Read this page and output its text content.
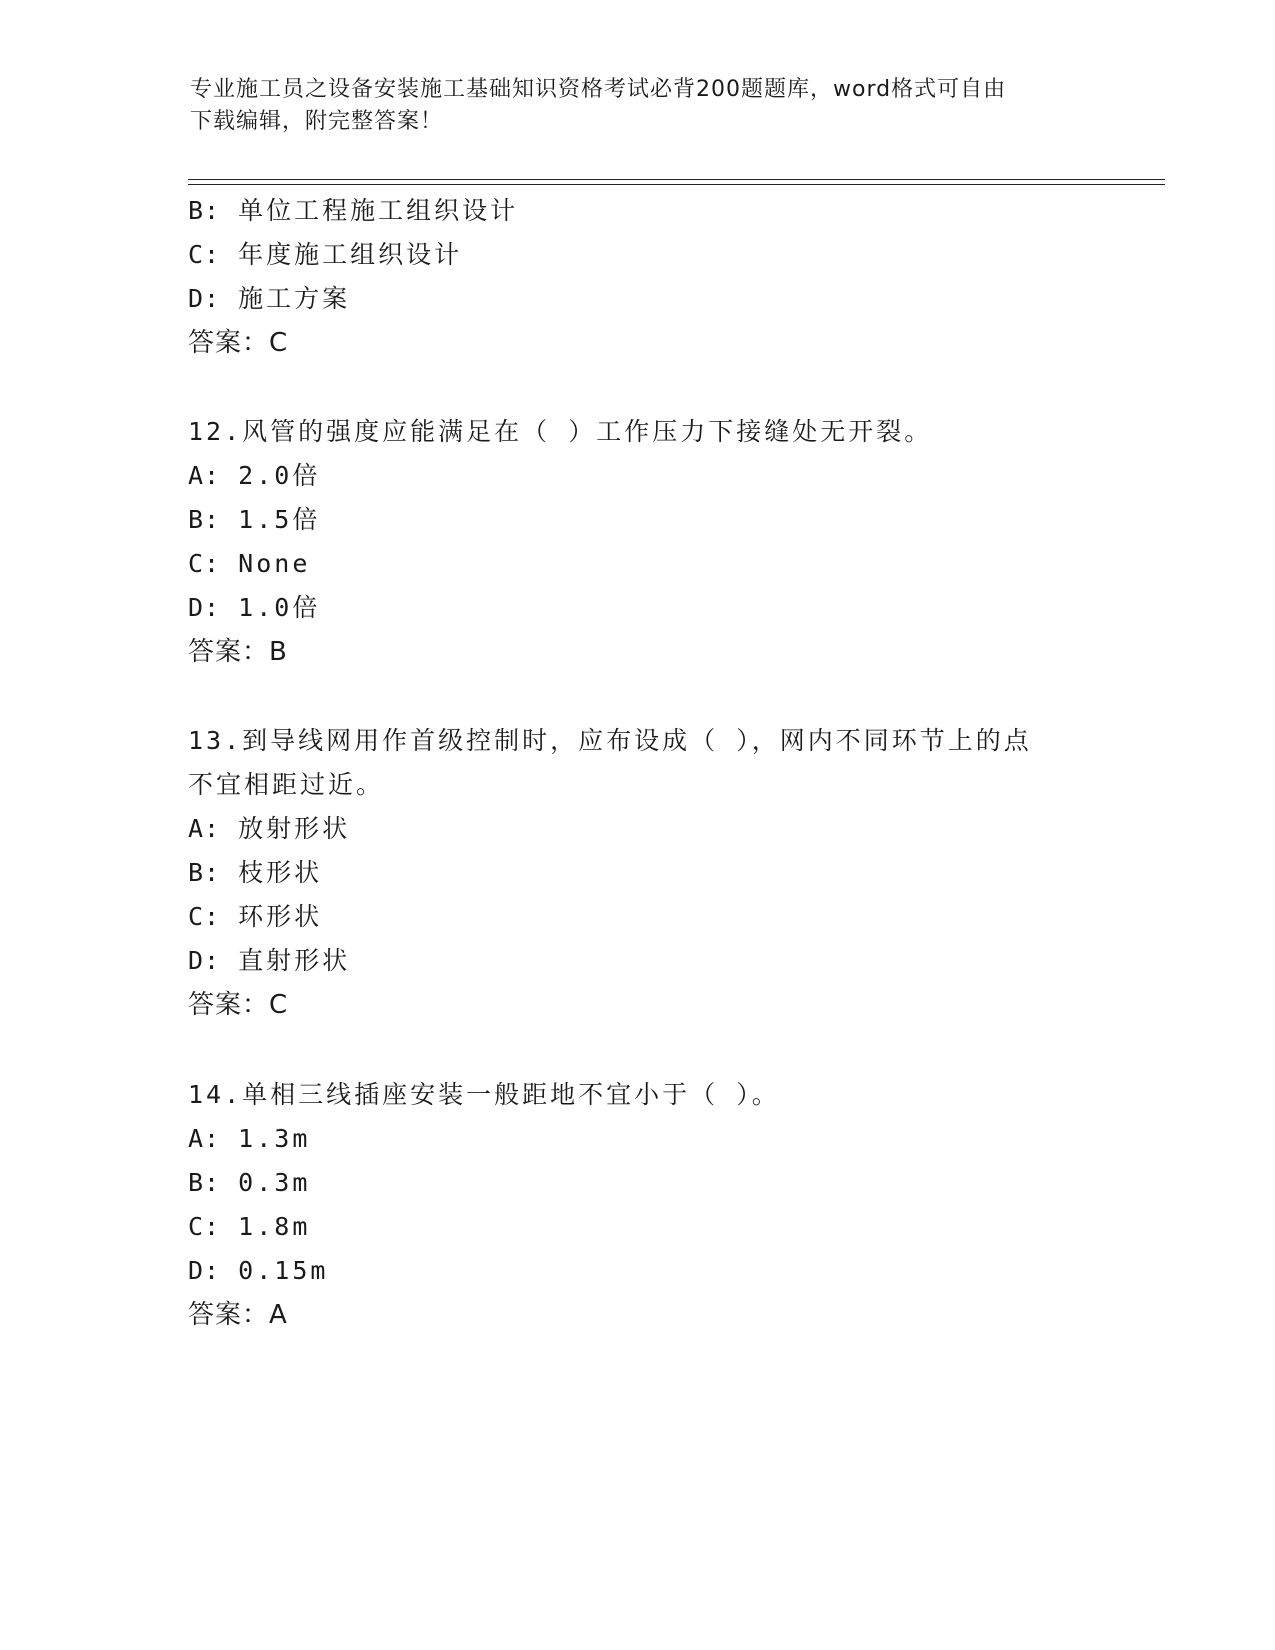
专业施工员之设备安装施工基础知识资格考试必背200题题库，word格式可自由
下载编辑，附完整答案！
B: 单位工程施工组织设计
C: 年度施工组织设计
D: 施工方案
答案：C
12.风管的强度应能满足在（ ）工作压力下接缝处无开裂。
A: 2.0倍
B: 1.5倍
C: None
D: 1.0倍
答案：B
13.到导线网用作首级控制时，应布设成（ ），网内不同环节上的点
不宜相距过近。
A: 放射形状
B: 枝形状
C: 环形状
D: 直射形状
答案：C
14.单相三线插座安装一般距地不宜小于（ ）。
A: 1.3m
B: 0.3m
C: 1.8m
D: 0.15m
答案：A
